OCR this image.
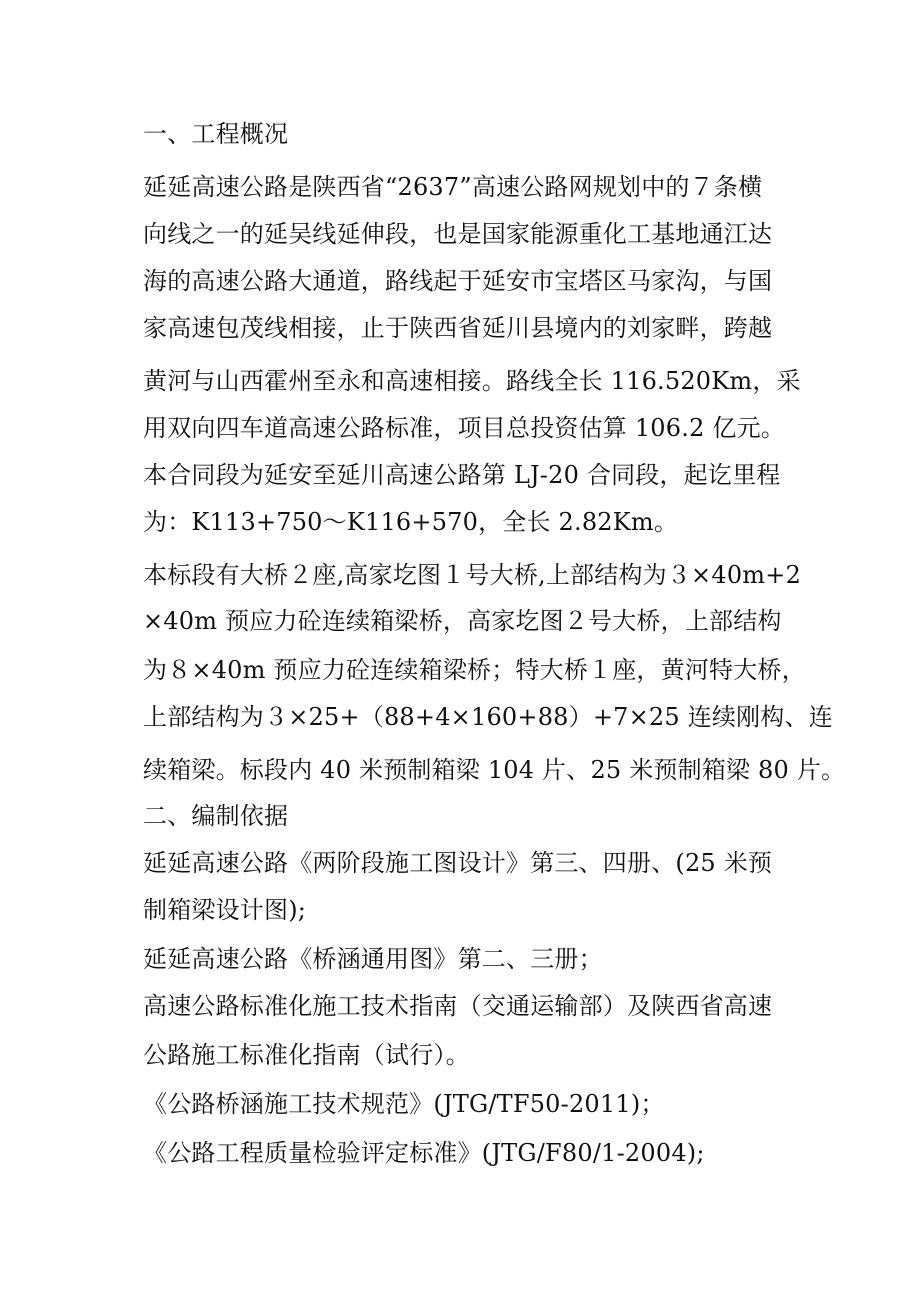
一、工程概况
延延高速公路是陕西省“2637”高速公路网规划中的７条横
向线之一的延吴线延伸段，也是国家能源重化工基地通江达
海的高速公路大通道，路线起于延安市宝塔区马家沟，与国
家高速包茂线相接，止于陕西省延川县境内的刘家畔，跨越
黄河与山西霍州至永和高速相接。路线全长 116.520Km，采
用双向四车道高速公路标准，项目总投资估算 106.2 亿元。
本合同段为延安至延川高速公路第 LJ-20 合同段，起讫里程
为：K113+750～K116+570，全长 2.82Km。
本标段有大桥２座,高家圪图１号大桥,上部结构为３×40m+2
×40m 预应力砼连续箱梁桥，高家圪图２号大桥，上部结构
为８×40m 预应力砼连续箱梁桥；特大桥１座，黄河特大桥，
上部结构为３×25+（88+4×160+88）+7×25 连续刚构、连
续箱梁。标段内 40 米预制箱梁 104 片、25 米预制箱梁 80 片。
二、编制依据
延延高速公路《两阶段施工图设计》第三、四册、(25 米预
制箱梁设计图);
延延高速公路《桥涵通用图》第二、三册；
高速公路标准化施工技术指南（交通运输部）及陕西省高速
公路施工标准化指南（试行）。
《公路桥涵施工技术规范》(JTG/TF50-2011)；
《公路工程质量检验评定标准》(JTG/F80/1-2004);
